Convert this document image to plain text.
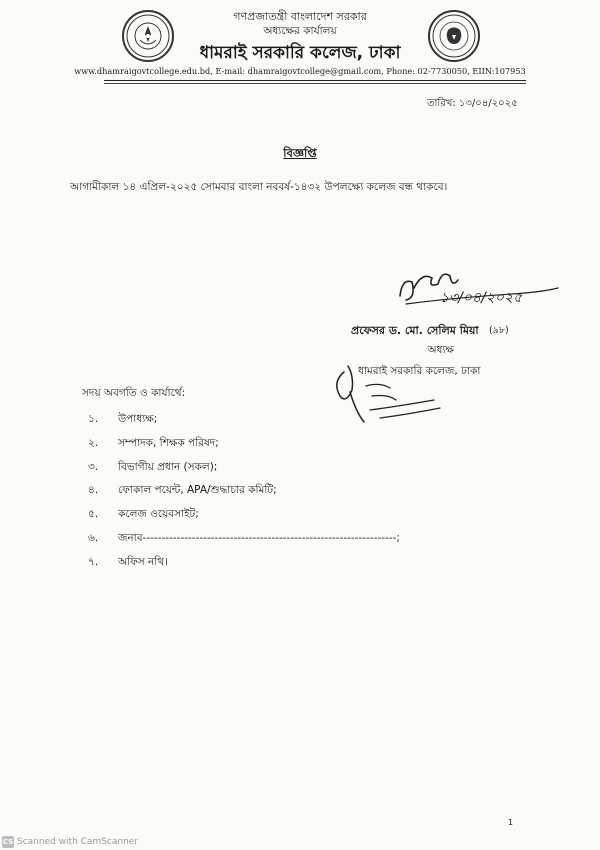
গণপ্রজাতন্ত্রী বাংলাদেশ সরকার
অধ্যক্ষের কার্যালয়
ধামরাই সরকারি কলেজ, ঢাকা
www.dhamraigovtcollege.edu.bd, E-mail: dhamraigovtcollege@gmail.com, Phone: 02-7730050, EIIN:107953
তারিখ: ১৩/০৪/২০২৫
বিজ্ঞপ্তি
আগামীকাল ১৪ এপ্রিল-২০২৫ সোমবার বাংলা নববর্ষ-১৪৩২ উপলক্ষ্যে কলেজ বন্ধ থাকবে।
১৩/০৪/২০২৫
প্রফেসর ড. মো. সেলিম মিয়া (৯৮)
অধ্যক্ষ
ধামরাই সরকারি কলেজ, ঢাকা
সদয় অবগতি ও কার্যার্থে:
১. উপাধ্যক্ষ;
২. সম্পাদক, শিক্ষক পরিষদ;
৩. বিভাগীয় প্রধান (সকল);
৪. ফোকাল পয়েন্ট, APA/শুদ্ধাচার কমিটি;
৫. কলেজ ওয়েবসাইট;
৬. জনাব-------------------------------------------------------------------;
৭. অফিস নথি।
1
CS Scanned with CamScanner
